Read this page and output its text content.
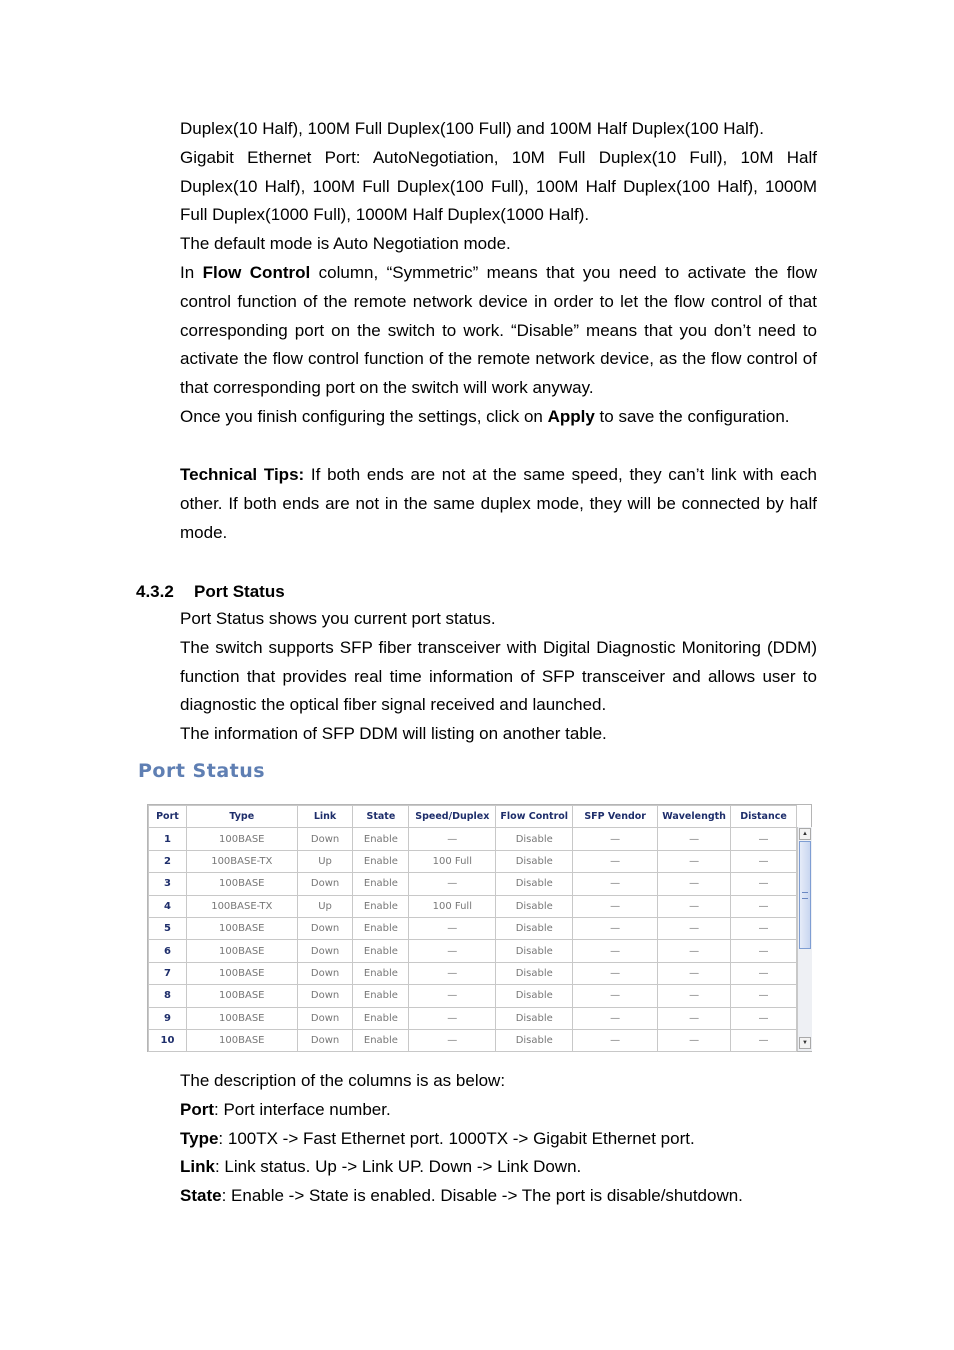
Duplex(10 Half), 100M Full Duplex(100 Full) and 100M Half Duplex(100 Half).

Gigabit Ethernet Port: AutoNegotiation, 10M Full Duplex(10 Full), 10M Half Duplex(10 Half), 100M Full Duplex(100 Full), 100M Half Duplex(100 Half), 1000M Full Duplex(1000 Full), 1000M Half Duplex(1000 Half).

The default mode is Auto Negotiation mode.

In Flow Control column, “Symmetric” means that you need to activate the flow control function of the remote network device in order to let the flow control of that corresponding port on the switch to work. “Disable” means that you don’t need to activate the flow control function of the remote network device, as the flow control of that corresponding port on the switch will work anyway.

Once you finish configuring the settings, click on Apply to save the configuration.

Technical Tips: If both ends are not at the same speed, they can’t link with each other. If both ends are not in the same duplex mode, they will be connected by half mode.
4.3.2 Port Status

Port Status shows you current port status.

The switch supports SFP fiber transceiver with Digital Diagnostic Monitoring (DDM) function that provides real time information of SFP transceiver and allows user to diagnostic the optical fiber signal received and launched.

The information of SFP DDM will listing on another table.

Port Status
Port	Type	Link	State	Speed/Duplex	Flow Control	SFP Vendor	Wavelength	Distance
1	100BASE	Down	Enable	—	Disable	—	—	—
2	100BASE-TX	Up	Enable	100 Full	Disable	—	—	—
3	100BASE	Down	Enable	—	Disable	—	—	—
4	100BASE-TX	Up	Enable	100 Full	Disable	—	—	—
5	100BASE	Down	Enable	—	Disable	—	—	—
6	100BASE	Down	Enable	—	Disable	—	—	—
7	100BASE	Down	Enable	—	Disable	—	—	—
8	100BASE	Down	Enable	—	Disable	—	—	—
9	100BASE	Down	Enable	—	Disable	—	—	—
10	100BASE	Down	Enable	—	Disable	—	—	—
▲
▼

The description of the columns is as below:

Port: Port interface number.

Type: 100TX -> Fast Ethernet port. 1000TX -> Gigabit Ethernet port.

Link: Link status. Up -> Link UP. Down -> Link Down.

State: Enable -> State is enabled. Disable -> The port is disable/shutdown.
